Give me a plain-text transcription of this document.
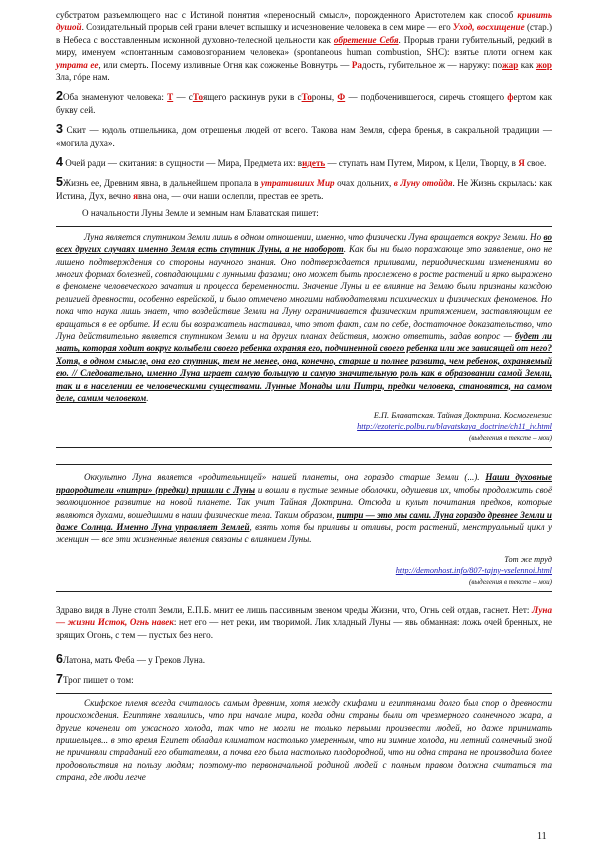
субстратом разъемлющего нас с Истиной понятия «переносный смысл», порожденного Аристотелем как способ кривить душой. Созидательный прорыв сей грани влечет вспышку и исчезновение человека в сем мире — его Уход, восхищение (стар.) в Небеса с восставленным исконной духовно-телесной цельности как обретение Себя. Прорыв грани губительный, редкий в миру, именуем «спонтанным самовозгоранием человека» (spontaneous human combustion, SHC): взятье плоти огнем как утрата ее, или смерть. Посему изливные Огня как сожженье Вовнутрь — Радость, губительное ж — наружу: пожар как жор Зла, гóре нам.

2Оба знаменуют человека: Т — сТоящего раскинув руки в сТороны, Ф — подбоченившегося, сиречь стоящего фертом как букву сей.

3 Скит — юдоль отшельника, дом отрешенья людей от всего. Такова нам Земля, сфера бренья, в сакральной традиции — «могила духа».

4 Очей ради — скитания: в сущности — Мира, Предмета их: видеть — ступать нам Путем, Миром, к Цели, Творцу, в Я свое.

5Жизнь ее, Древним явна, в дальнейшем пропала в утративших Мир очах дольних, в Луну отойдя. Не Жизнь скрылась: как Истина, Дух, вечно явна она, — очи наши ослепли, престав ее зреть.

О начальности Луны Земле и земным нам Блаватская пишет:

Луна является спутником Земли лишь в одном отношении, именно, что физически Луна вращается вокруг Земли. Но во всех других случаях именно Земля есть спутник Луны, а не наоборот. Как бы ни было поражающе это заявление, оно не лишено подтверждения со стороны научного знания. Оно подтверждается приливами, периодическими изменениями во многих формах болезней, совпадающими с лунными фазами; оно может быть прослежено в росте растений и ярко выражено в феномене человеческого зачатия и процесса беременности. Значение Луны и ее влияние на Землю были признаны каждою религией древности, особенно еврейской, и было отмечено многими наблюдателями психических и физических феноменов. Но пока что наука лишь знает, что воздействие Земли на Луну ограничивается физическим притяжением, заставляющим ее вращаться в ее орбите. И если бы возражатель настаивал, что этот факт, сам по себе, достаточное доказательство, что Луна действительно является спутником Земли и на других планах действия, можно ответить, задав вопрос — будет ли мать, которая ходит вокруг колыбели своего ребенка охраняя его, подчиненной своего ребенка или же зависящей от него? Хотя, в одном смысле, она его спутник, тем не менее, она, конечно, старше и полнее развита, чем ребенок, охраняемый ею. // Следовательно, именно Луна играет самую большую и самую значительную роль как в образовании самой Земли, так и в населении ее человеческими существами. Лунные Монады или Питри, предки человека, становятся, на самом деле, самим человеком.

Е.П. Блаватская. Тайная Доктрина. Космогенезис

http://ezoteric.polbu.ru/blavatskaya_doctrine/ch11_iv.html

(выделения в тексте – мои)

Оккультно Луна является «родительницей» нашей планеты, она гораздо старше Земли (...). Наши духовные праородители «питри» (предки) пришли с Луны и вошли в пустые земные оболочки, одушевив их, чтобы продолжить своё эволюционное развитие на новой планете. Так учит Тайная Доктрина. Отсюда и культ почитания предков, которые являются духами, вошедшими в наши физические тела. Таким образом, питри — это мы сами. Луна гораздо древнее Земли и даже Солнца. Именно Луна управляет Землей, взять хотя бы приливы и отливы, рост растений, менструальный цикл у женщин — все эти жизненные явления связаны с влиянием Луны.

Тот же труд

http://demonhost.info/807-tajny-vselennoi.html

(выделения в тексте – мои)

Здраво видя в Луне столп Земли, Е.П.Б. мнит ее лишь пассивным звеном чреды Жизни, что, Огнь сей отдав, гаснет. Нет: Луна — жизни Исток, Огнь навек: нет его — нет реки, им творимой. Лик хладный Луны — явь обманная: ложь очей бренных, не зрящих Огонь, с тем — пустых без него.

6Латона, мать Феба — у Греков Луна.

7Трог пишет о том:

Скифское племя всегда считалось самым древним, хотя между скифами и египтянами долго был спор о древности происхождения. Египтяне хвалились, что при начале мира, когда одни страны были от чрезмерного солнечного жара, а другие коченели от ужасного холода, так что не могли не только первыми произвести людей, но даже принимать пришельцев... в это время Египет обладал климатом настолько умеренным, что ни зимние холода, ни летний солнечный зной не причиняли страданий его обитателям, а почва его была настолько плодородной, что ни одна страна не производила более продовольствия на пользу людям; поэтому-то первоначальной родиной людей с полным правом должна считаться та страна, где люди легче

11
